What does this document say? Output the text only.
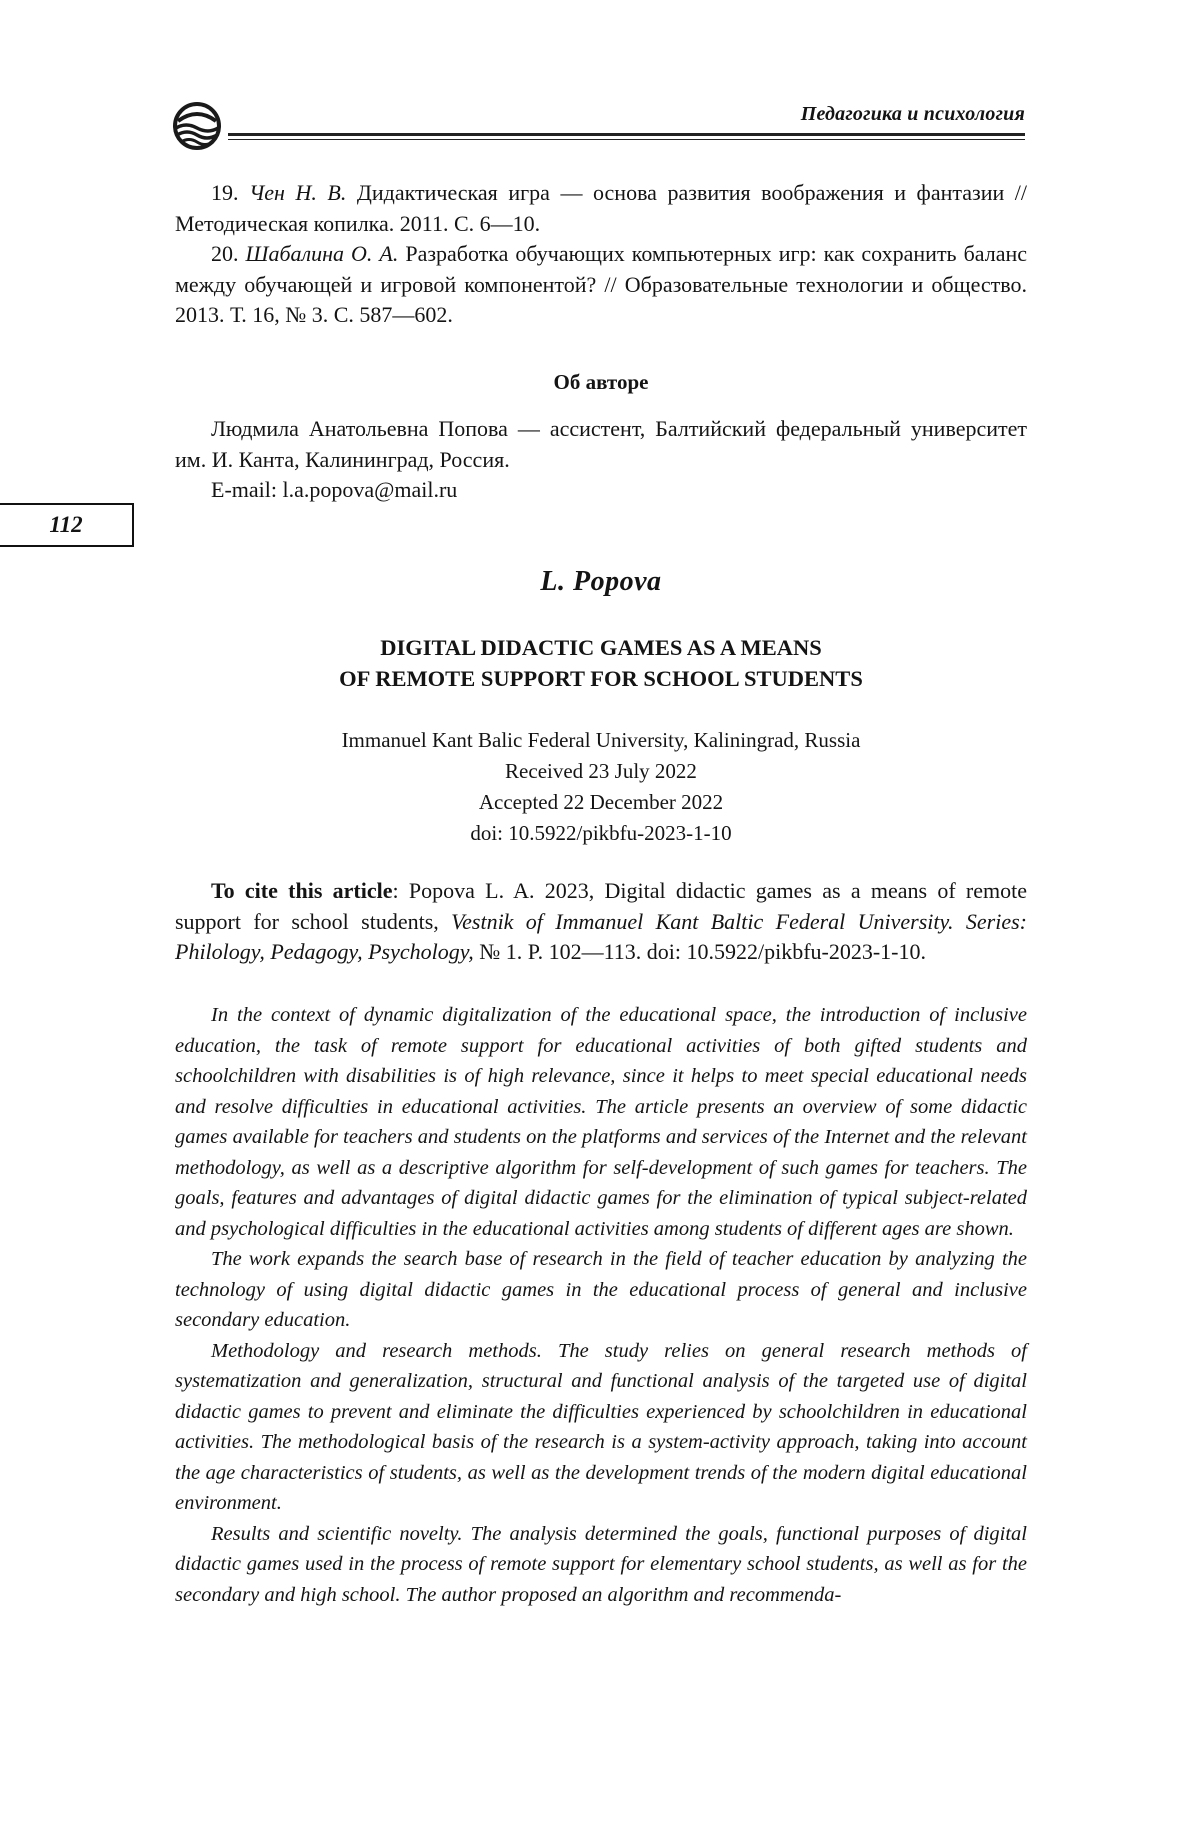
Педагогика и психология

19. Чен Н. В. Дидактическая игра — основа развития воображения и фантазии // Методическая копилка. 2011. С. 6—10.

20. Шабалина О. А. Разработка обучающих компьютерных игр: как сохранить баланс между обучающей и игровой компонентой? // Образовательные технологии и общество. 2013. Т. 16, № 3. С. 587—602.

Об авторе

Людмила Анатольевна Попова — ассистент, Балтийский федеральный университет им. И. Канта, Калининград, Россия.

E-mail: l.a.popova@mail.ru

112
L. Popova
DIGITAL DIDACTIC GAMES AS A MEANS
OF REMOTE SUPPORT FOR SCHOOL STUDENTS
Immanuel Kant Balic Federal University, Kaliningrad, Russia
Received 23 July 2022
Accepted 22 December 2022
doi: 10.5922/pikbfu-2023-1-10

To cite this article: Popova L. A. 2023, Digital didactic games as a means of remote support for school students, Vestnik of Immanuel Kant Baltic Federal University. Series: Philology, Pedagogy, Psychology, № 1. P. 102—113. doi: 10.5922/pikbfu-2023-1-10.

In the context of dynamic digitalization of the educational space, the introduction of inclusive education, the task of remote support for educational activities of both gifted students and schoolchildren with disabilities is of high relevance, since it helps to meet special educational needs and resolve difficulties in educational activities. The article presents an overview of some didactic games available for teachers and students on the platforms and services of the Internet and the relevant methodology, as well as a descriptive algorithm for self-development of such games for teachers. The goals, features and advantages of digital didactic games for the elimination of typical subject-related and psychological difficulties in the educational activities among students of different ages are shown.

The work expands the search base of research in the field of teacher education by analyzing the technology of using digital didactic games in the educational process of general and inclusive secondary education.

Methodology and research methods. The study relies on general research methods of systematization and generalization, structural and functional analysis of the targeted use of digital didactic games to prevent and eliminate the difficulties experienced by schoolchildren in educational activities. The methodological basis of the research is a system-activity approach, taking into account the age characteristics of students, as well as the development trends of the modern digital educational environment.

Results and scientific novelty. The analysis determined the goals, functional purposes of digital didactic games used in the process of remote support for elementary school students, as well as for the secondary and high school. The author proposed an algorithm and recommenda-
